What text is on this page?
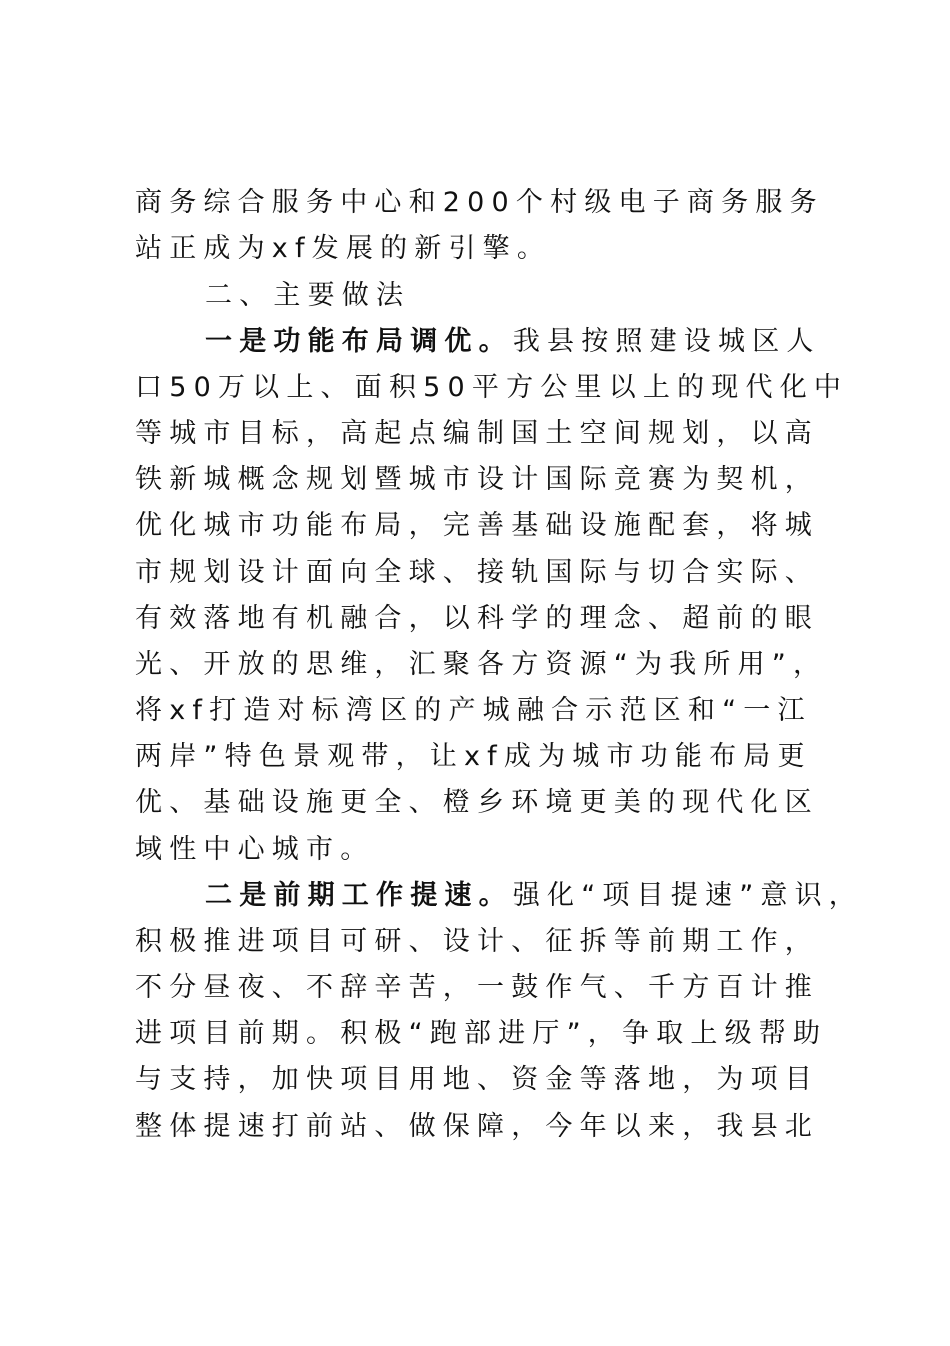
商务综合服务中心和200个村级电子商务服务
站正成为xf发展的新引擎。
二、主要做法
一是功能布局调优。我县按照建设城区人
口50万以上、面积50平方公里以上的现代化中
等城市目标，高起点编制国土空间规划，以高
铁新城概念规划暨城市设计国际竞赛为契机，
优化城市功能布局，完善基础设施配套，将城
市规划设计面向全球、接轨国际与切合实际、
有效落地有机融合，以科学的理念、超前的眼
光、开放的思维，汇聚各方资源“为我所用”，
将xf打造对标湾区的产城融合示范区和“一江
两岸”特色景观带，让xf成为城市功能布局更
优、基础设施更全、橙乡环境更美的现代化区
域性中心城市。
二是前期工作提速。强化“项目提速”意识，
积极推进项目可研、设计、征拆等前期工作，
不分昼夜、不辞辛苦，一鼓作气、千方百计推
进项目前期。积极“跑部进厅”，争取上级帮助
与支持，加快项目用地、资金等落地，为项目
整体提速打前站、做保障，今年以来，我县北
